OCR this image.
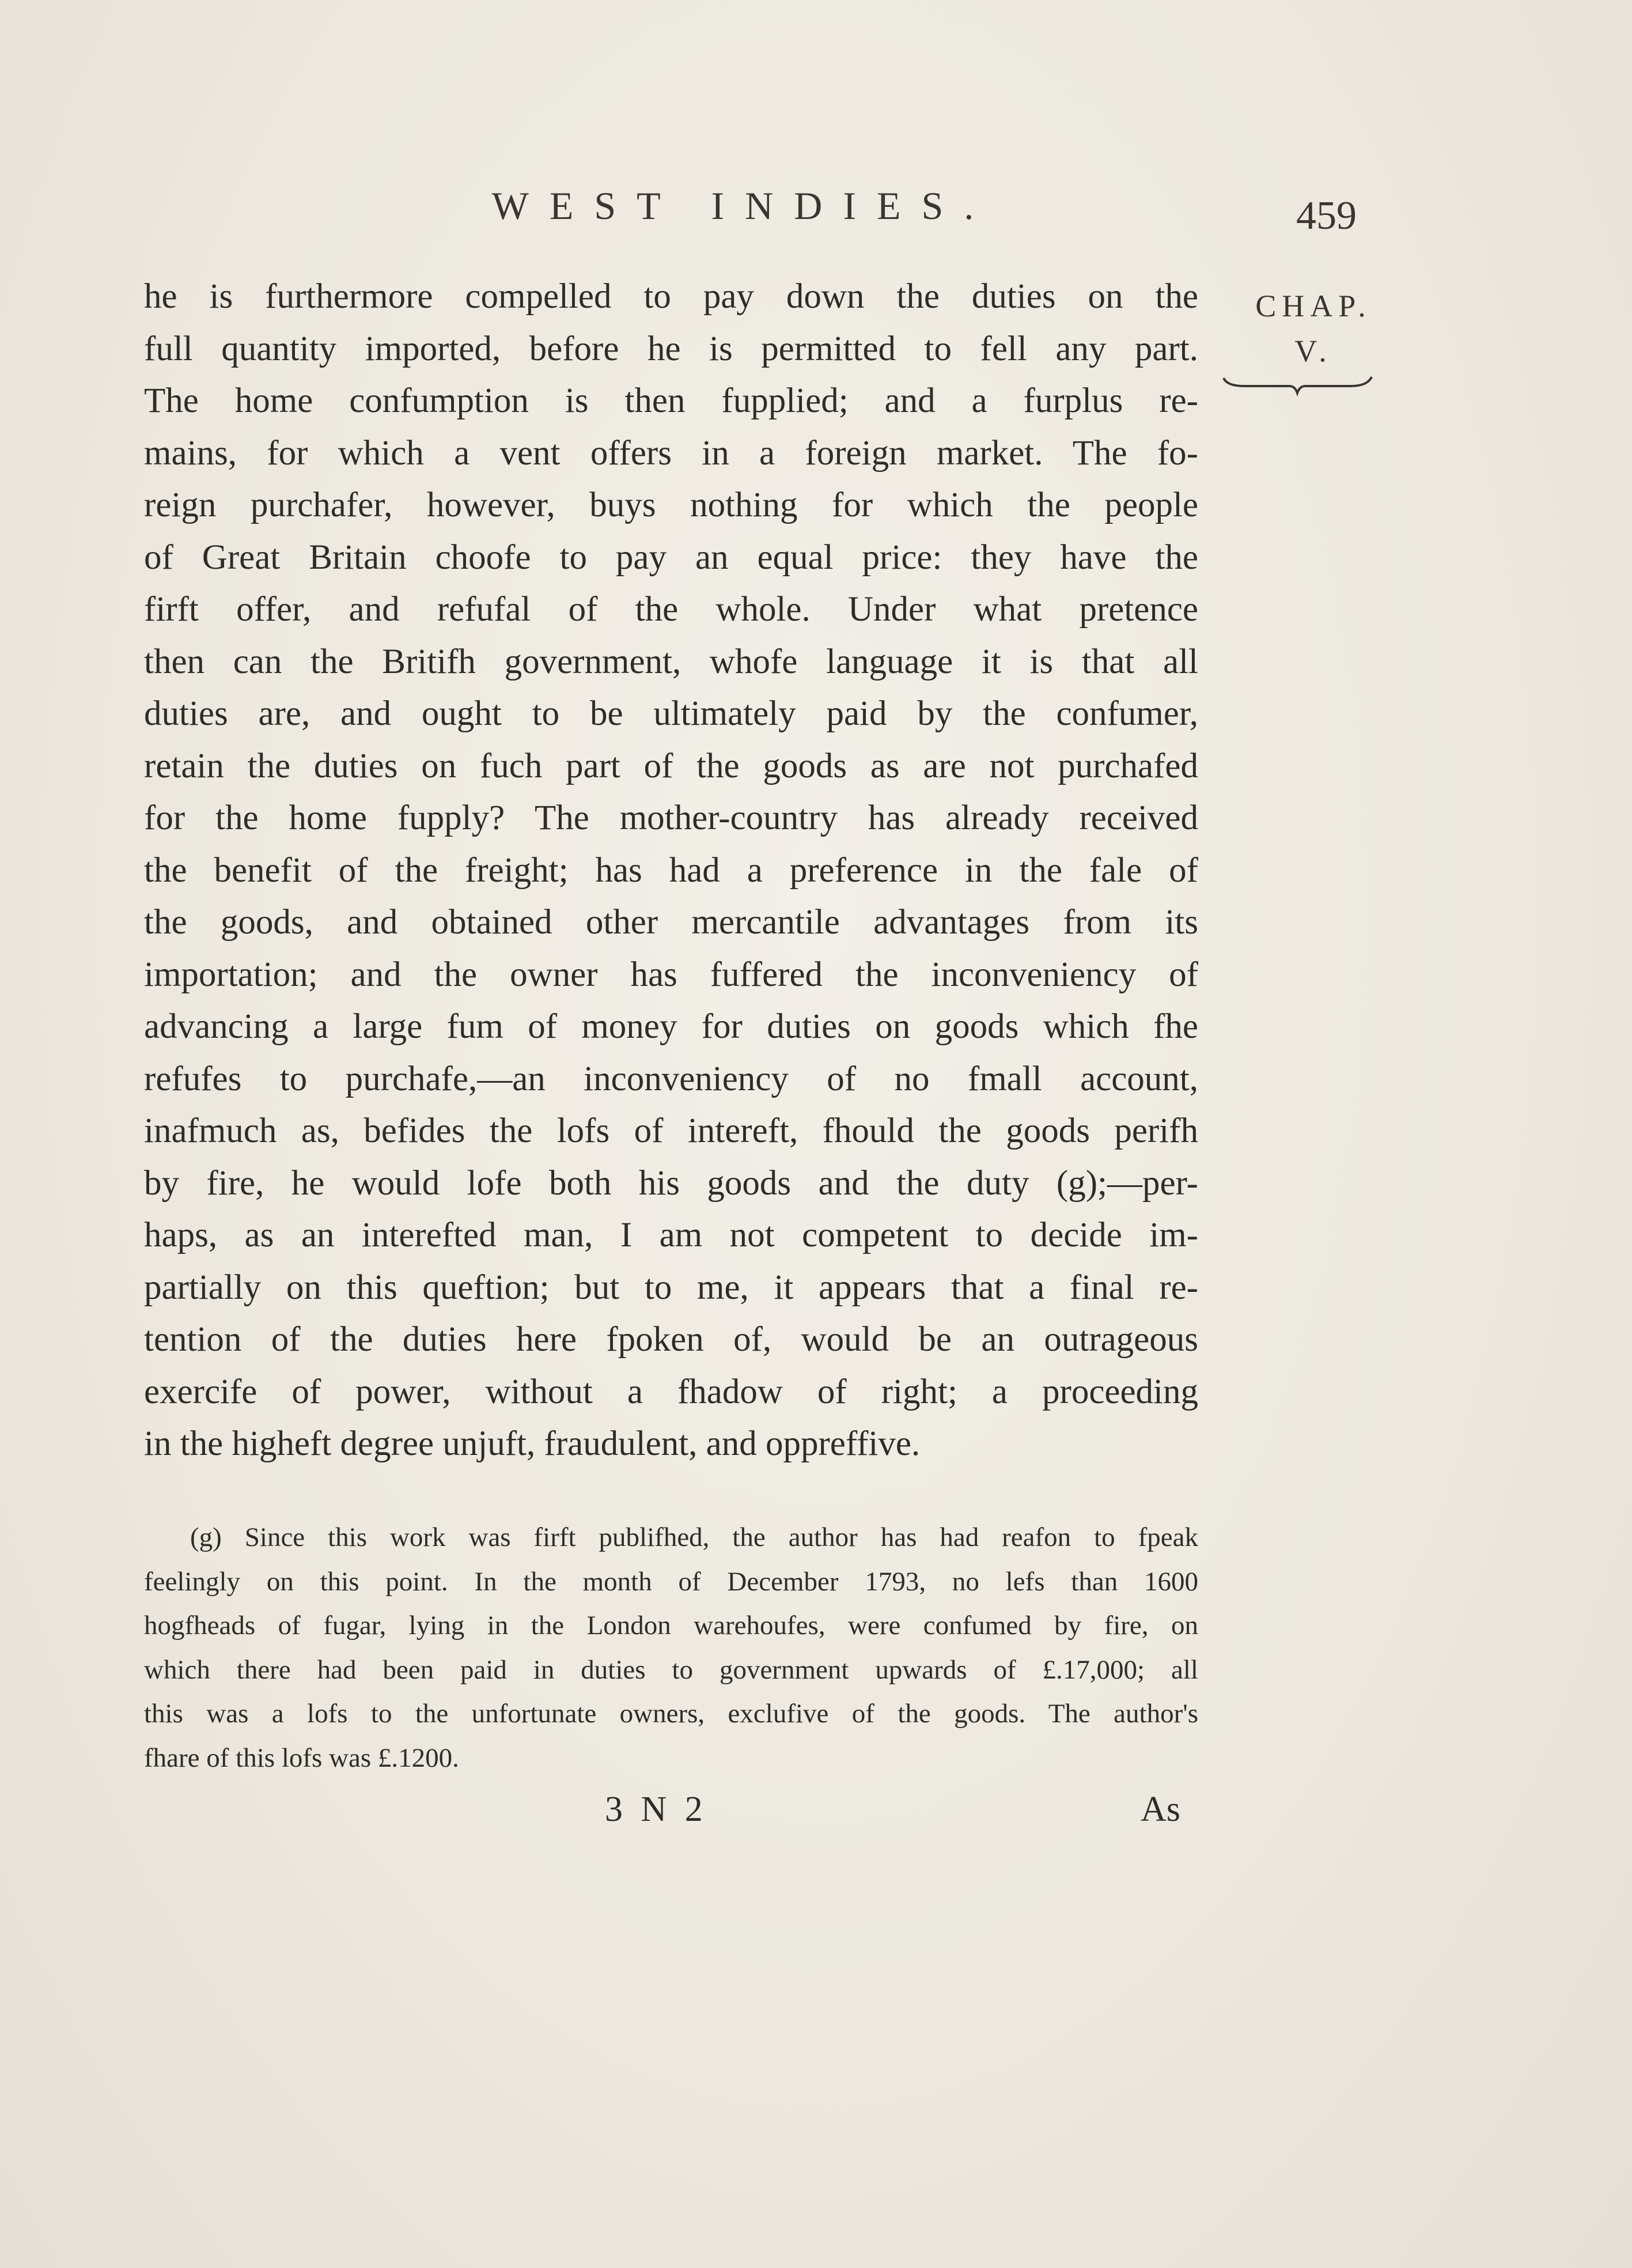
WEST INDIES.	459
CHAP.
V.
he is furthermore compelled to pay down the duties on the
full quantity imported, before he is permitted to fell any part.
The home confumption is then fupplied; and a furplus re-
mains, for which a vent offers in a foreign market. The fo-
reign purchafer, however, buys nothing for which the people
of Great Britain choofe to pay an equal price: they have the
firft offer, and refufal of the whole. Under what pretence
then can the Britifh government, whofe language it is that all
duties are, and ought to be ultimately paid by the confumer,
retain the duties on fuch part of the goods as are not purchafed
for the home fupply? The mother-country has already received
the benefit of the freight; has had a preference in the fale of
the goods, and obtained other mercantile advantages from its
importation; and the owner has fuffered the inconveniency of
advancing a large fum of money for duties on goods which fhe
refufes to purchafe,—an inconveniency of no fmall account,
inafmuch as, befides the lofs of intereft, fhould the goods perifh
by fire, he would lofe both his goods and the duty (g);—per-
haps, as an interefted man, I am not competent to decide im-
partially on this queftion; but to me, it appears that a final re-
tention of the duties here fpoken of, would be an outrageous
exercife of power, without a fhadow of right; a proceeding
in the higheft degree unjuft, fraudulent, and oppreffive.
(g) Since this work was firft publifhed, the author has had reafon to fpeak
feelingly on this point. In the month of December 1793, no lefs than 1600
hogfheads of fugar, lying in the London warehoufes, were confumed by fire, on
which there had been paid in duties to government upwards of £.17,000; all
this was a lofs to the unfortunate owners, exclufive of the goods. The author's
fhare of this lofs was £.1200.
3 N 2	As
